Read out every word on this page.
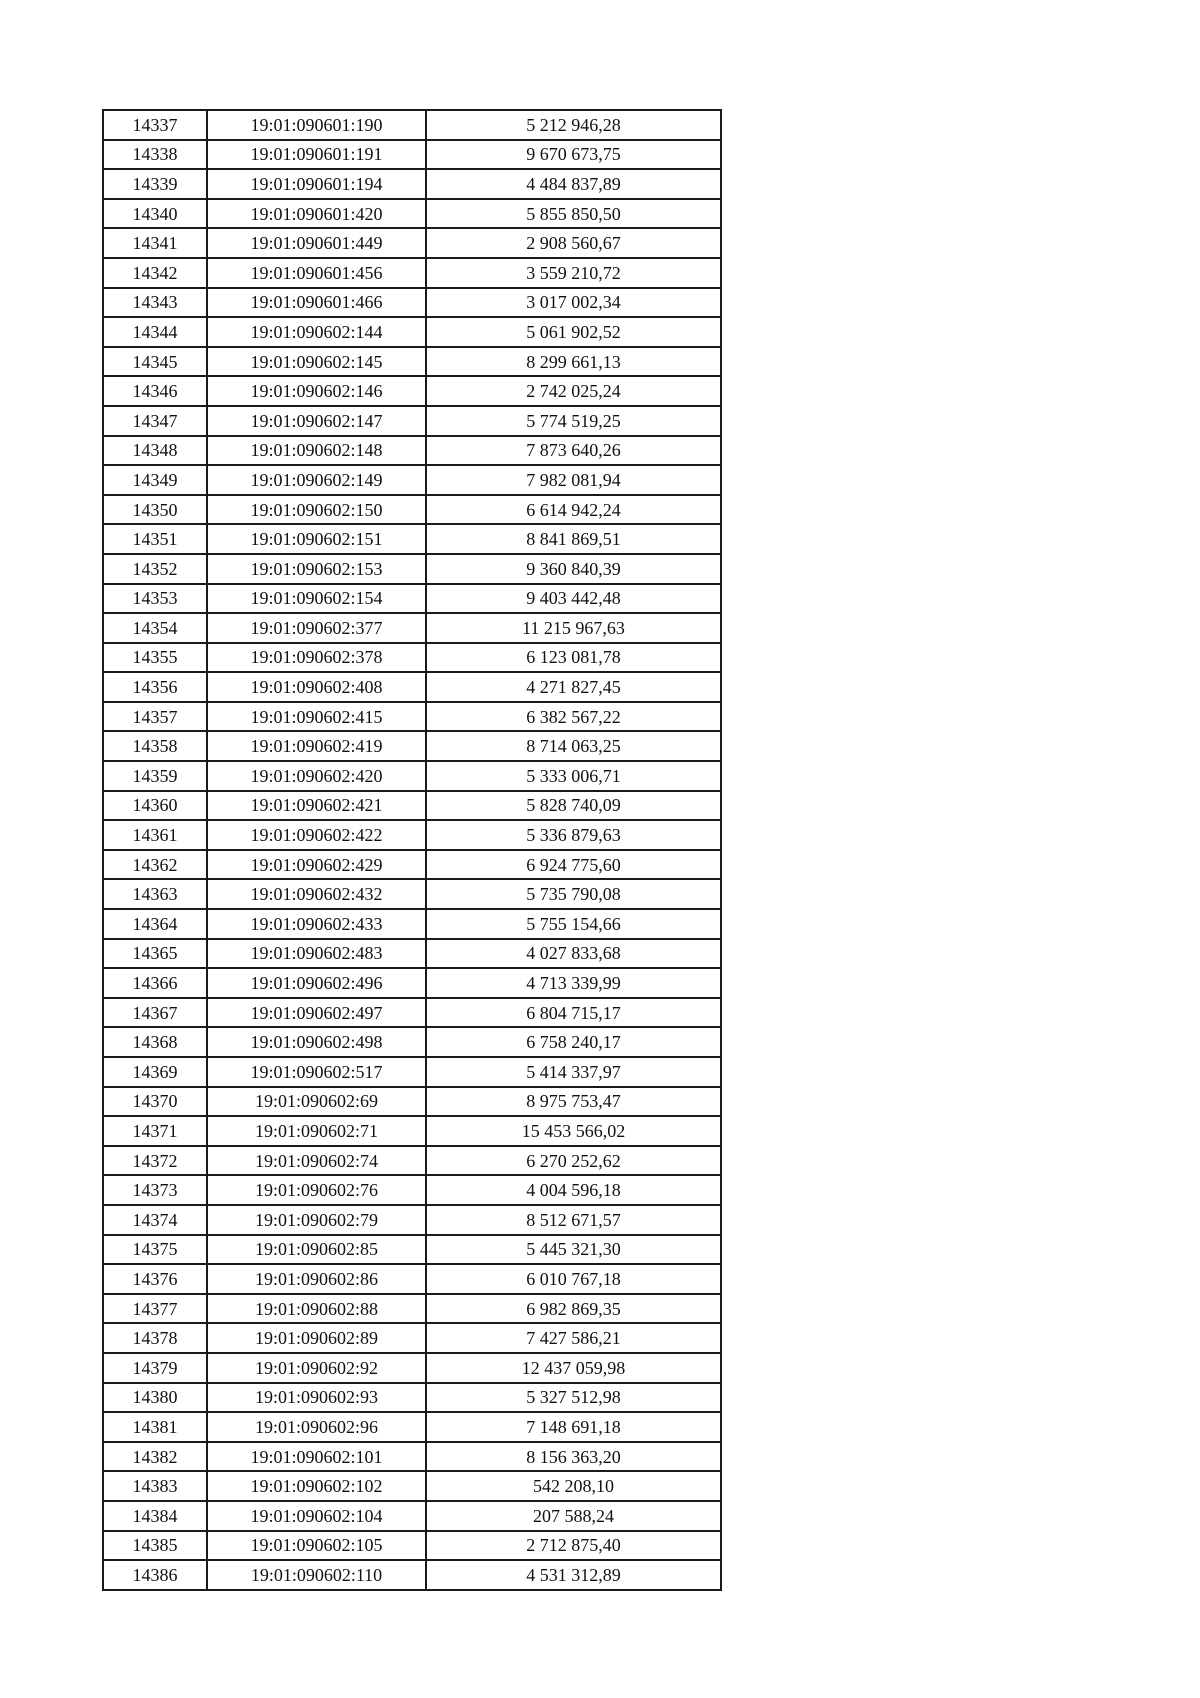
14337	19:01:090601:190	5 212 946,28
14338	19:01:090601:191	9 670 673,75
14339	19:01:090601:194	4 484 837,89
14340	19:01:090601:420	5 855 850,50
14341	19:01:090601:449	2 908 560,67
14342	19:01:090601:456	3 559 210,72
14343	19:01:090601:466	3 017 002,34
14344	19:01:090602:144	5 061 902,52
14345	19:01:090602:145	8 299 661,13
14346	19:01:090602:146	2 742 025,24
14347	19:01:090602:147	5 774 519,25
14348	19:01:090602:148	7 873 640,26
14349	19:01:090602:149	7 982 081,94
14350	19:01:090602:150	6 614 942,24
14351	19:01:090602:151	8 841 869,51
14352	19:01:090602:153	9 360 840,39
14353	19:01:090602:154	9 403 442,48
14354	19:01:090602:377	11 215 967,63
14355	19:01:090602:378	6 123 081,78
14356	19:01:090602:408	4 271 827,45
14357	19:01:090602:415	6 382 567,22
14358	19:01:090602:419	8 714 063,25
14359	19:01:090602:420	5 333 006,71
14360	19:01:090602:421	5 828 740,09
14361	19:01:090602:422	5 336 879,63
14362	19:01:090602:429	6 924 775,60
14363	19:01:090602:432	5 735 790,08
14364	19:01:090602:433	5 755 154,66
14365	19:01:090602:483	4 027 833,68
14366	19:01:090602:496	4 713 339,99
14367	19:01:090602:497	6 804 715,17
14368	19:01:090602:498	6 758 240,17
14369	19:01:090602:517	5 414 337,97
14370	19:01:090602:69	8 975 753,47
14371	19:01:090602:71	15 453 566,02
14372	19:01:090602:74	6 270 252,62
14373	19:01:090602:76	4 004 596,18
14374	19:01:090602:79	8 512 671,57
14375	19:01:090602:85	5 445 321,30
14376	19:01:090602:86	6 010 767,18
14377	19:01:090602:88	6 982 869,35
14378	19:01:090602:89	7 427 586,21
14379	19:01:090602:92	12 437 059,98
14380	19:01:090602:93	5 327 512,98
14381	19:01:090602:96	7 148 691,18
14382	19:01:090602:101	8 156 363,20
14383	19:01:090602:102	542 208,10
14384	19:01:090602:104	207 588,24
14385	19:01:090602:105	2 712 875,40
14386	19:01:090602:110	4 531 312,89
